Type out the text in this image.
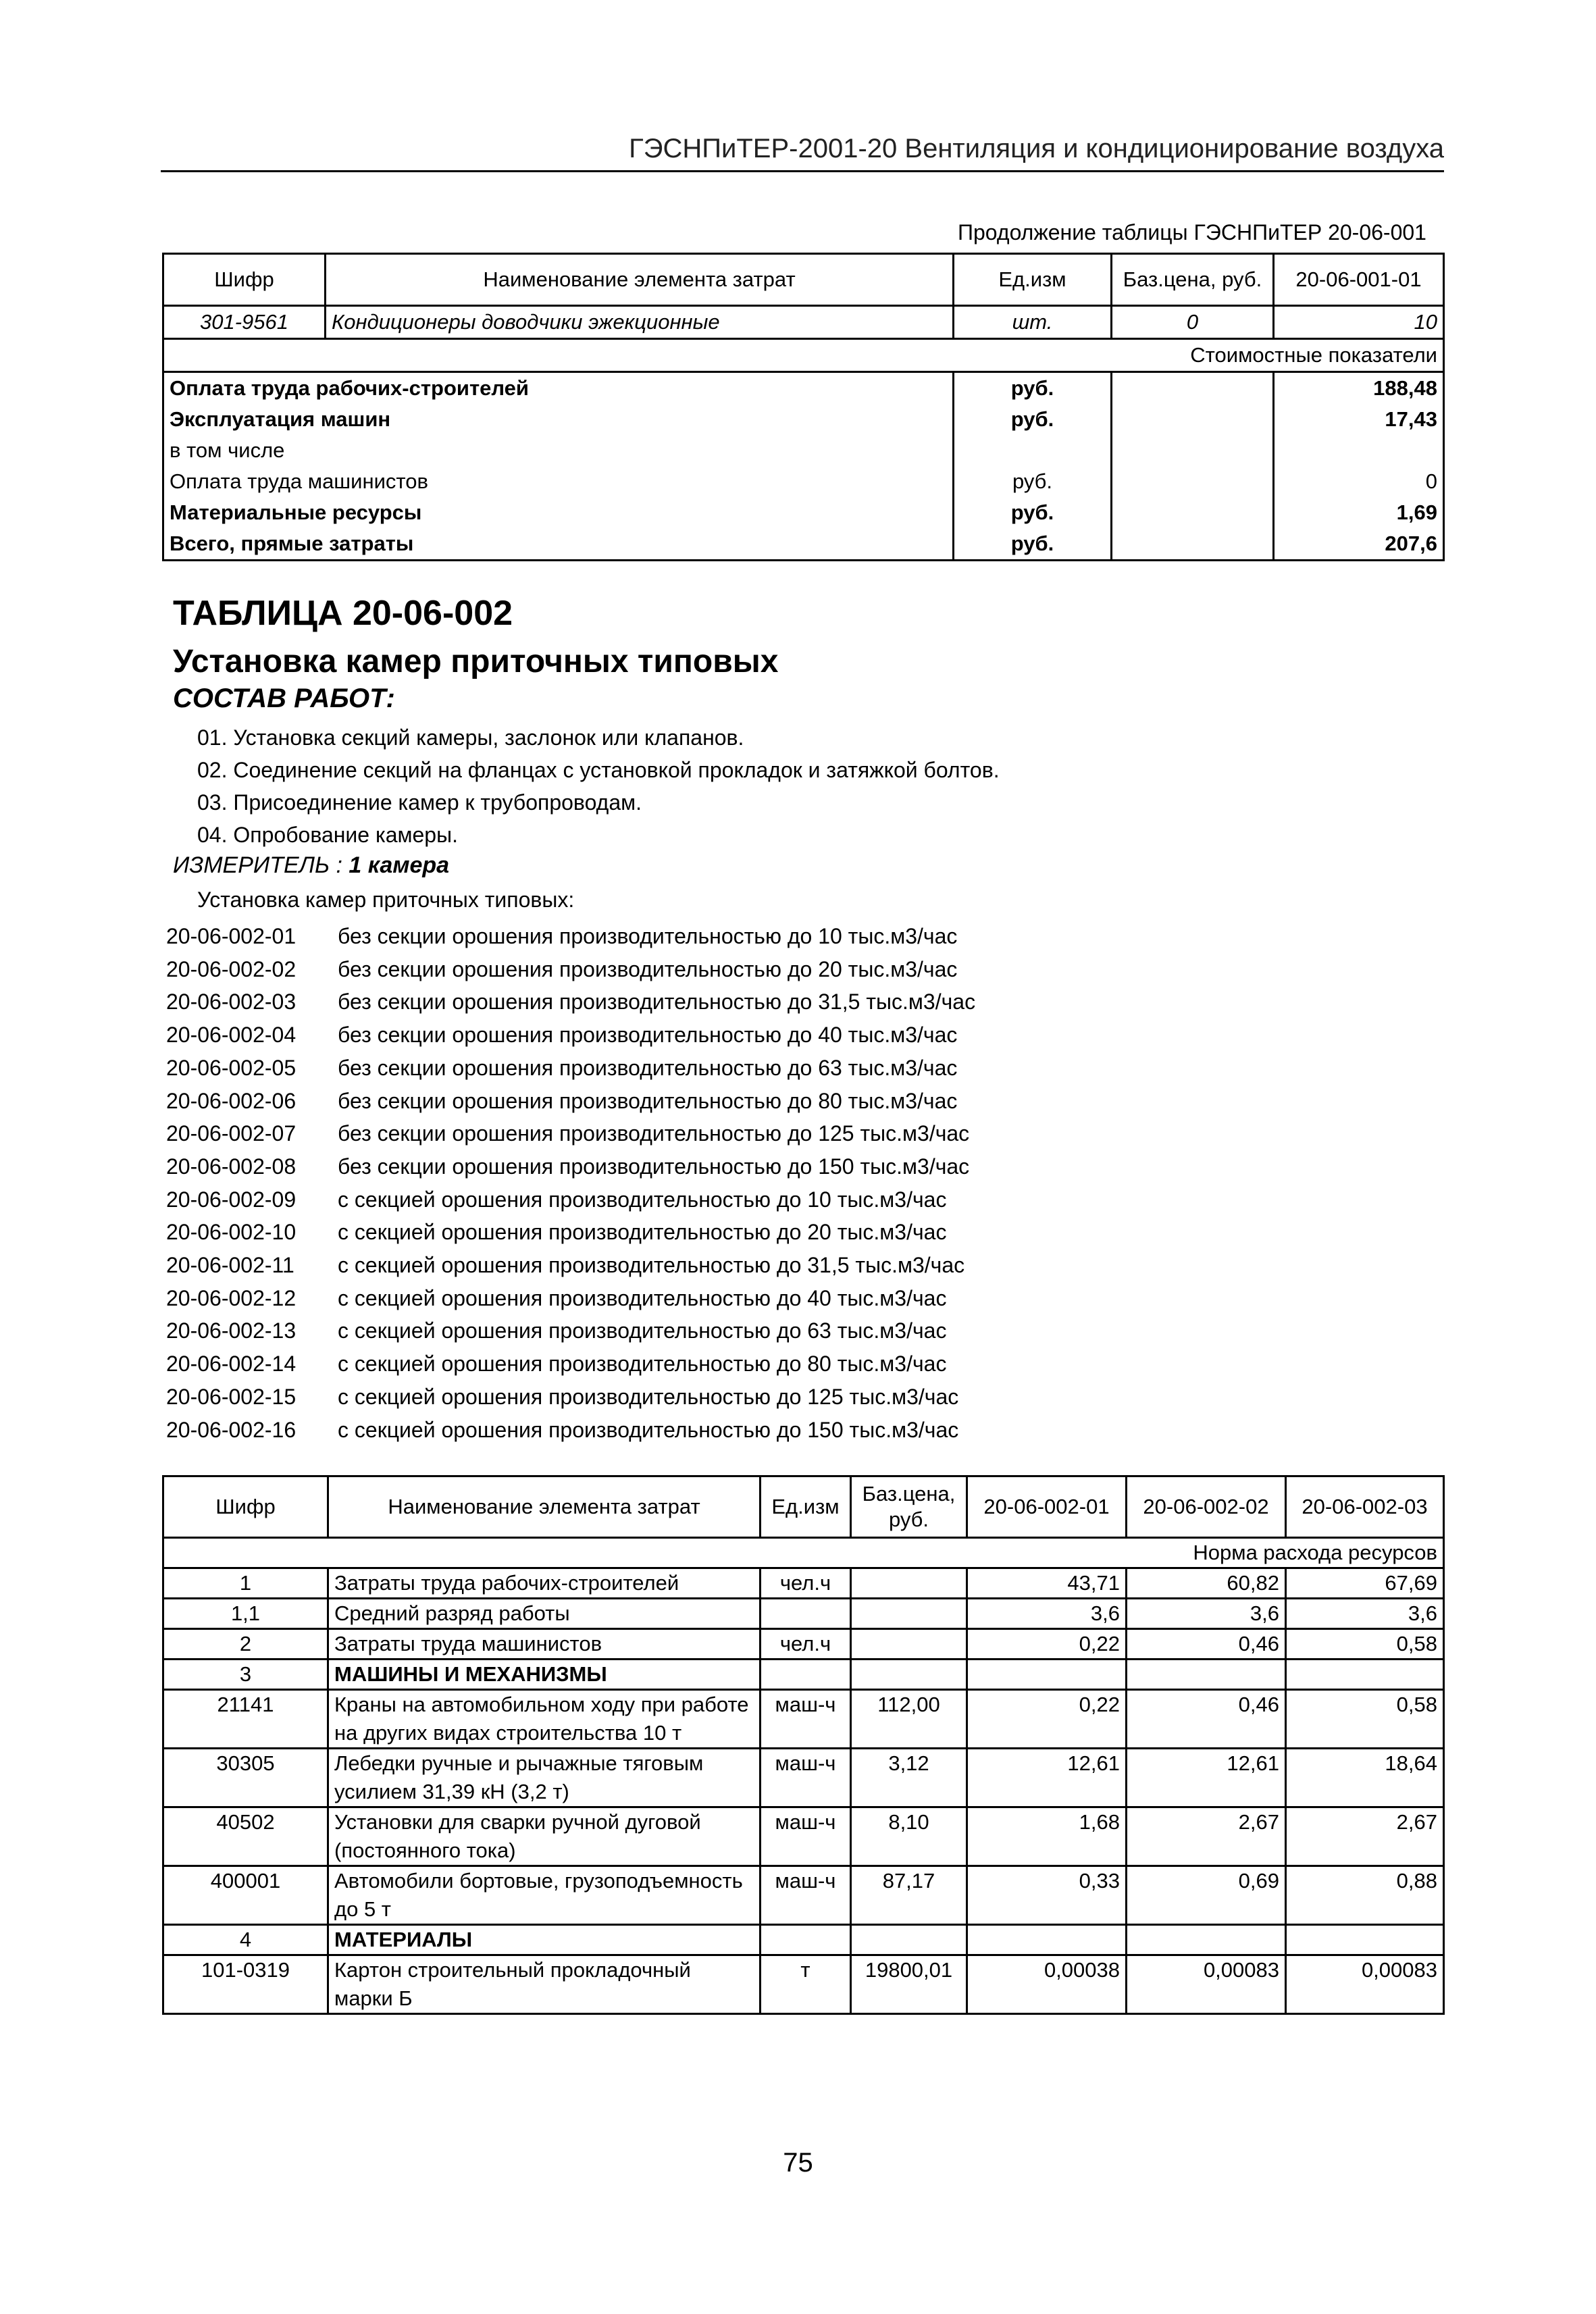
ГЭСНПиТЕР-2001-20 Вентиляция и кондиционирование воздуха
Продолжение таблицы ГЭСНПиТЕР 20-06-001
Шифр	Наименование элемента затрат	Ед.изм	Баз.цена, руб.	20-06-001-01
301-9561	Кондиционеры доводчики эжекционные	шт.	0	10
Стоимостные показатели				
Оплата труда рабочих-строителей		руб.		188,48
Эксплуатация машин		руб.		17,43
в том числе				
Оплата труда машинистов		руб.		0
Материальные ресурсы		руб.		1,69
Всего, прямые затраты		руб.		207,6
ТАБЛИЦА 20-06-002
Установка камер приточных типовых
СОСТАВ РАБОТ:
01. Установка секций камеры, заслонок или клапанов.
02. Соединение секций на фланцах с установкой прокладок и затяжкой болтов.
03. Присоединение камер к трубопроводам.
04. Опробование камеры.
ИЗМЕРИТЕЛЬ : 1 камера
Установка камер приточных типовых:
20-06-002-01	без секции орошения производительностью до 10 тыс.м3/час
20-06-002-02	без секции орошения производительностью до 20 тыс.м3/час
20-06-002-03	без секции орошения производительностью до 31,5 тыс.м3/час
20-06-002-04	без секции орошения производительностью до 40 тыс.м3/час
20-06-002-05	без секции орошения производительностью до 63 тыс.м3/час
20-06-002-06	без секции орошения производительностью до 80 тыс.м3/час
20-06-002-07	без секции орошения производительностью до 125 тыс.м3/час
20-06-002-08	без секции орошения производительностью до 150 тыс.м3/час
20-06-002-09	с секцией орошения производительностью до 10 тыс.м3/час
20-06-002-10	с секцией орошения производительностью до 20 тыс.м3/час
20-06-002-11	с секцией орошения производительностью до 31,5 тыс.м3/час
20-06-002-12	с секцией орошения производительностью до 40 тыс.м3/час
20-06-002-13	с секцией орошения производительностью до 63 тыс.м3/час
20-06-002-14	с секцией орошения производительностью до 80 тыс.м3/час
20-06-002-15	с секцией орошения производительностью до 125 тыс.м3/час
20-06-002-16	с секцией орошения производительностью до 150 тыс.м3/час
Шифр	Наименование элемента затрат	Ед.изм	Баз.цена, руб.	20-06-002-01	20-06-002-02	20-06-002-03
	Норма расхода ресурсов					
1	Затраты труда рабочих-строителей	чел.ч		43,71	60,82	67,69
1,1	Средний разряд работы			3,6	3,6	3,6
2	Затраты труда машинистов	чел.ч		0,22	0,46	0,58
3	МАШИНЫ И МЕХАНИЗМЫ					
21141	Краны на автомобильном ходу при работе на других видах строительства 10 т	маш-ч	112,00	0,22	0,46	0,58
30305	Лебедки ручные и рычажные тяговым усилием 31,39 кН (3,2 т)	маш-ч	3,12	12,61	12,61	18,64
40502	Установки для сварки ручной дуговой (постоянного тока)	маш-ч	8,10	1,68	2,67	2,67
400001	Автомобили бортовые, грузоподъемность до 5 т	маш-ч	87,17	0,33	0,69	0,88
4	МАТЕРИАЛЫ					
101-0319	Картон строительный прокладочный марки Б	т	19800,01	0,00038	0,00083	0,00083
75
